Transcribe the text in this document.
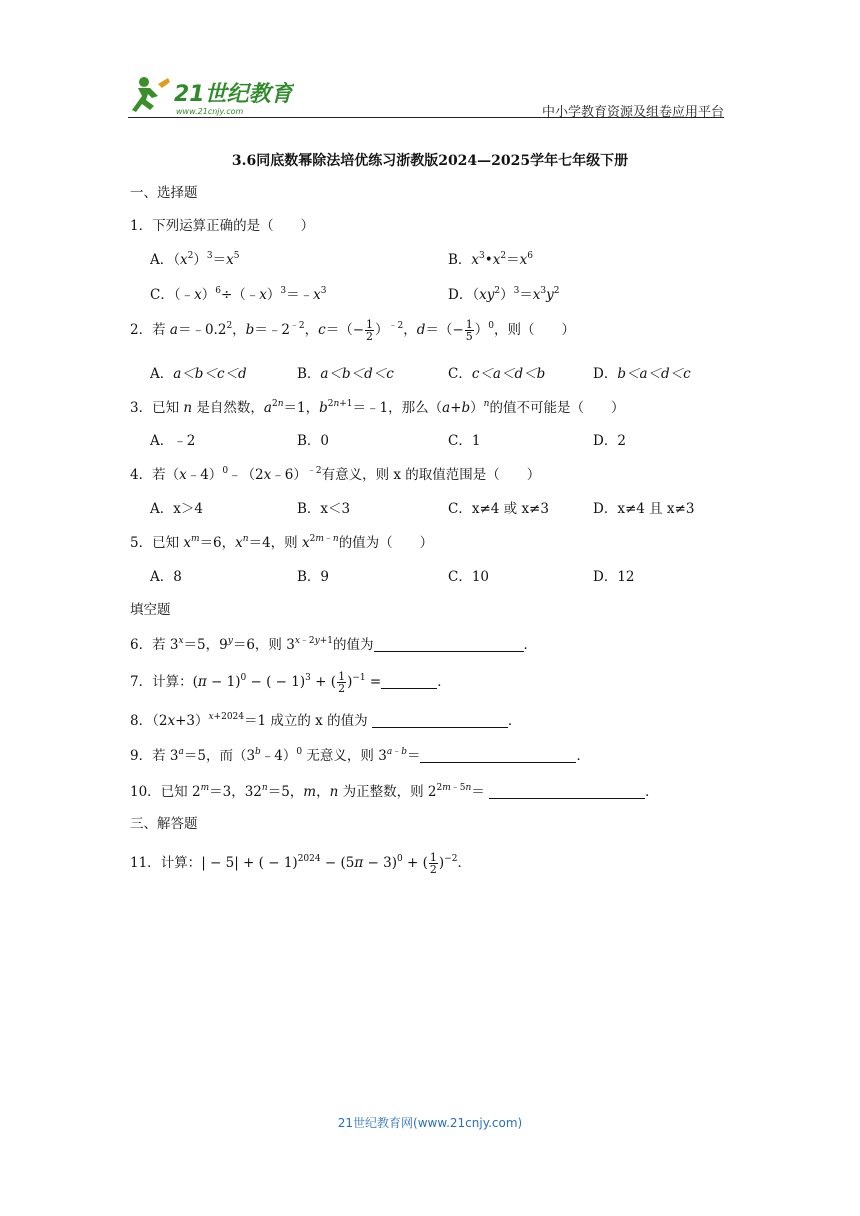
21世纪教育
www.21cnjy.com	中小学教育资源及组卷应用平台
3.6同底数幂除法培优练习浙教版2024—2025学年七年级下册
一、选择题
1．下列运算正确的是（　　）
A．$(x^2)^3=x^5$	B．$x^3•x^2=x^6$
C．$(﹣x)^6\div(﹣x)^3=﹣x^3$	D．$(xy^2)^3=x^3y^2$
2．若 $a=﹣0.2^2$，$b=﹣2^{﹣2}$，$c=(- \frac{1}{2} )^{﹣2}$，$d=(- \frac{1}{5} )^0$，则（　　）
A．a＜b＜c＜d	B．a＜b＜d＜c	C．c＜a＜d＜b	D．b＜a＜d＜c
3．已知 n 是自然数，$a^{2n}=1$，$b^{2n+1}=﹣1$，那么$(a+b)^n$的值不可能是（　　）
A．﹣2	B．0	C．1	D．2
4．若（x﹣4）$^0$﹣（2x﹣6）$^{﹣2}$有意义，则 x 的取值范围是（　　）
A．x＞4	B．x＜3	C．x≠4 或 x≠3	D．x≠4 且 x≠3
5．已知 $x^m=6$，$x^n=4$，则 $x^{2m﹣n}$的值为（　　）
A．8	B．9	C．10	D．12
填空题
6．若 $3^x=5$，$9^y=6$，则 $3^{x﹣2y+1}$的值为	．
7．计算：$(\pi - 1)^0$ − ( − 1)$^3$ + ( $\frac{1}{2} )^{-1}$ =	．
8．$(2x+3)^{x+2024}=1$ 成立的 x 的值为	．
9．若 $3^a=5$，而（3$^b$﹣4）$^0$ 无意义，则 $3^{a﹣b}=$	．
10．已知 $2^m=3$，$32^n=5$，m，n 为正整数，则 $2^{2m﹣5n}=$	．
三、解答题
11．计算：| − 5| + ( − $1)^{2024} - (5\pi - 3)^0$ + ( $\frac{1}{2} )^{-2}$．
21世纪教育网(www.21cnjy.com)
